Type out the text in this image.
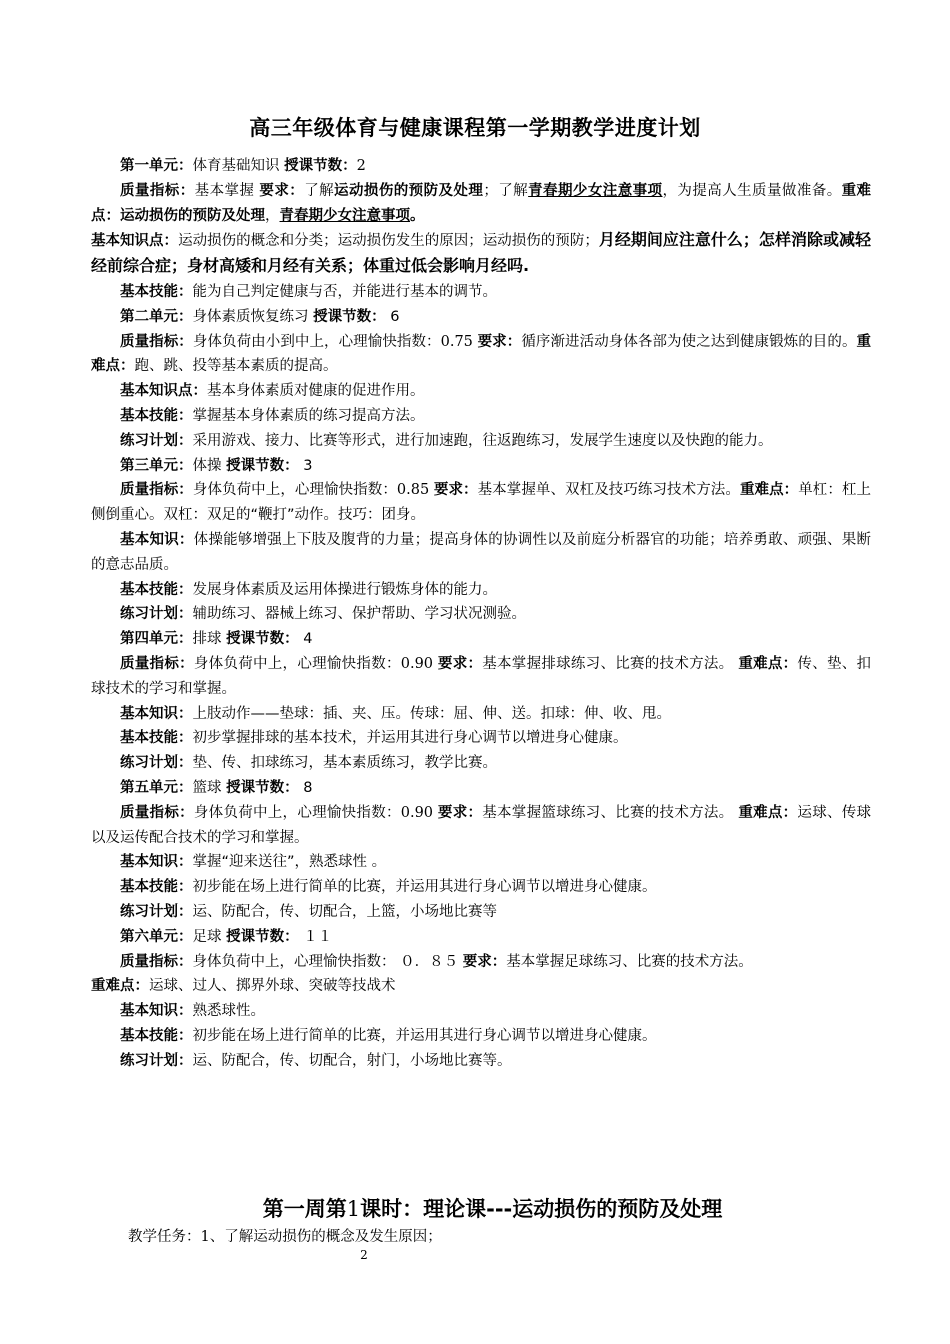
高三年级体育与健康课程第一学期教学进度计划

第一单元：体育基础知识 授课节数：2

质量指标：基本掌握 要求：了解运动损伤的预防及处理；了解青春期少女注意事项，为提高人生质量做准备。重难点：运动损伤的预防及处理，青春期少女注意事项。

基本知识点：运动损伤的概念和分类；运动损伤发生的原因；运动损伤的预防；月经期间应注意什么；怎样消除或减轻经前综合症；身材高矮和月经有关系；体重过低会影响月经吗.

基本技能：能为自己判定健康与否，并能进行基本的调节。

第二单元：身体素质恢复练习 授课节数： 6

质量指标：身体负荷由小到中上，心理愉快指数：0.75 要求：循序渐进活动身体各部为使之达到健康锻炼的目的。重难点：跑、跳、投等基本素质的提高。

基本知识点：基本身体素质对健康的促进作用。

基本技能：掌握基本身体素质的练习提高方法。

练习计划：采用游戏、接力、比赛等形式，进行加速跑，往返跑练习，发展学生速度以及快跑的能力。

第三单元：体操 授课节数： 3

质量指标：身体负荷中上，心理愉快指数：0.85 要求：基本掌握单、双杠及技巧练习技术方法。重难点：单杠：杠上侧倒重心。双杠：双足的“鞭打”动作。技巧：团身。

基本知识：体操能够增强上下肢及腹背的力量；提高身体的协调性以及前庭分析器官的功能；培养勇敢、顽强、果断的意志品质。

基本技能：发展身体素质及运用体操进行锻炼身体的能力。

练习计划：辅助练习、器械上练习、保护帮助、学习状况测验。

第四单元：排球 授课节数： 4

质量指标：身体负荷中上，心理愉快指数：0.90 要求：基本掌握排球练习、比赛的技术方法。 重难点：传、垫、扣球技术的学习和掌握。

基本知识：上肢动作——垫球：插、夹、压。传球：屈、伸、送。扣球：伸、收、甩。

基本技能：初步掌握排球的基本技术，并运用其进行身心调节以增进身心健康。

练习计划：垫、传、扣球练习，基本素质练习，教学比赛。

第五单元：篮球 授课节数： 8

质量指标：身体负荷中上，心理愉快指数：0.90 要求：基本掌握篮球练习、比赛的技术方法。 重难点：运球、传球以及运传配合技术的学习和掌握。

基本知识：掌握“迎来送往”，熟悉球性 。

基本技能：初步能在场上进行简单的比赛，并运用其进行身心调节以增进身心健康。

练习计划：运、防配合，传、切配合，上篮，小场地比赛等

第六单元：足球 授课节数： １１

质量指标：身体负荷中上，心理愉快指数： ０．８５ 要求：基本掌握足球练习、比赛的技术方法。

重难点：运球、过人、掷界外球、突破等技战术

基本知识：熟悉球性。

基本技能：初步能在场上进行简单的比赛，并运用其进行身心调节以增进身心健康。

练习计划：运、防配合，传、切配合，射门，小场地比赛等。

第一周第1课时：理论课---运动损伤的预防及处理
教学任务：1、了解运动损伤的概念及发生原因；
2
